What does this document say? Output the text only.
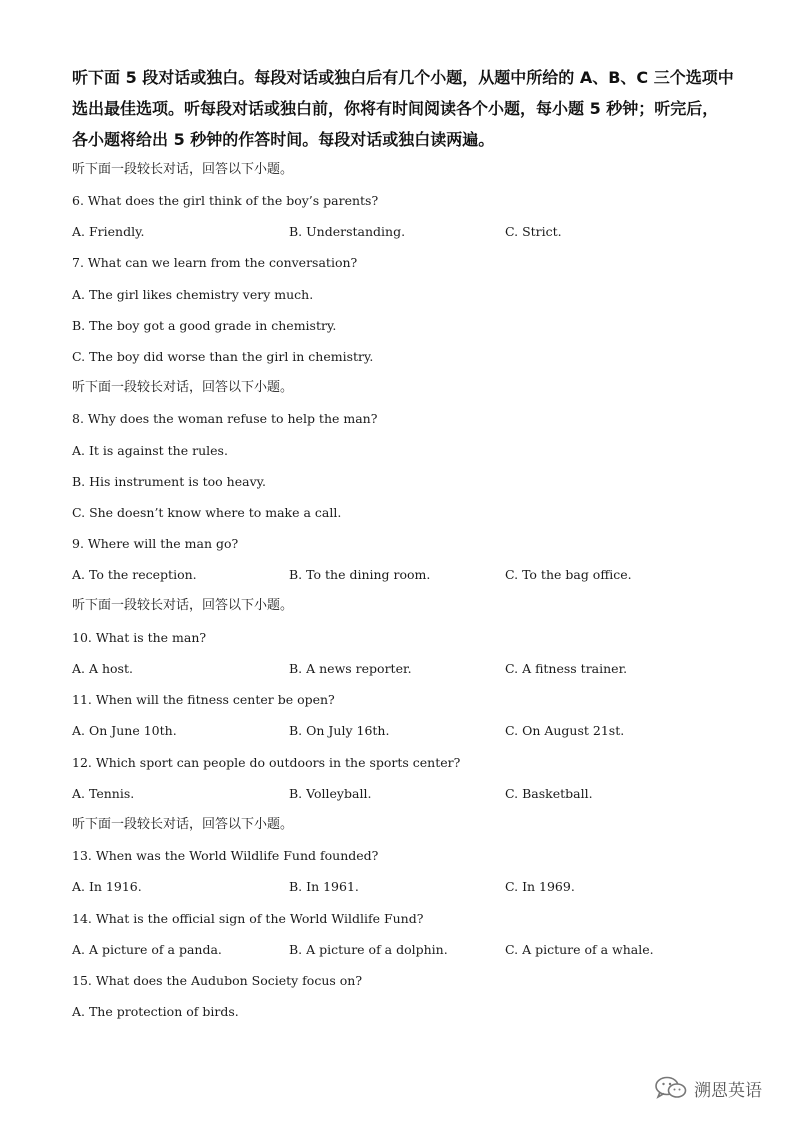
听下面 5 段对话或独白。每段对话或独白后有几个小题，从题中所给的 A、B、C 三个选项中
选出最佳选项。听每段对话或独白前，你将有时间阅读各个小题，每小题 5 秒钟；听完后，
各小题将给出 5 秒钟的作答时间。每段对话或独白读两遍。
听下面一段较长对话，回答以下小题。
6. What does the girl think of the boy’s parents?
A. Friendly.	B. Understanding.	C. Strict.
7. What can we learn from the conversation?
A. The girl likes chemistry very much.
B. The boy got a good grade in chemistry.
C. The boy did worse than the girl in chemistry.
听下面一段较长对话，回答以下小题。
8. Why does the woman refuse to help the man?
A. It is against the rules.
B. His instrument is too heavy.
C. She doesn’t know where to make a call.
9. Where will the man go?
A. To the reception.	B. To the dining room.	C. To the bag office.
听下面一段较长对话，回答以下小题。
10. What is the man?
A. A host.	B. A news reporter.	C. A fitness trainer.
11. When will the fitness center be open?
A. On June 10th.	B. On July 16th.	C. On August 21st.
12. Which sport can people do outdoors in the sports center?
A. Tennis.	B. Volleyball.	C. Basketball.
听下面一段较长对话，回答以下小题。
13. When was the World Wildlife Fund founded?
A. In 1916.	B. In 1961.	C. In 1969.
14. What is the official sign of the World Wildlife Fund?
A. A picture of a panda.	B. A picture of a dolphin.	C. A picture of a whale.
15. What does the Audubon Society focus on?
A. The protection of birds.
溯恩英语
